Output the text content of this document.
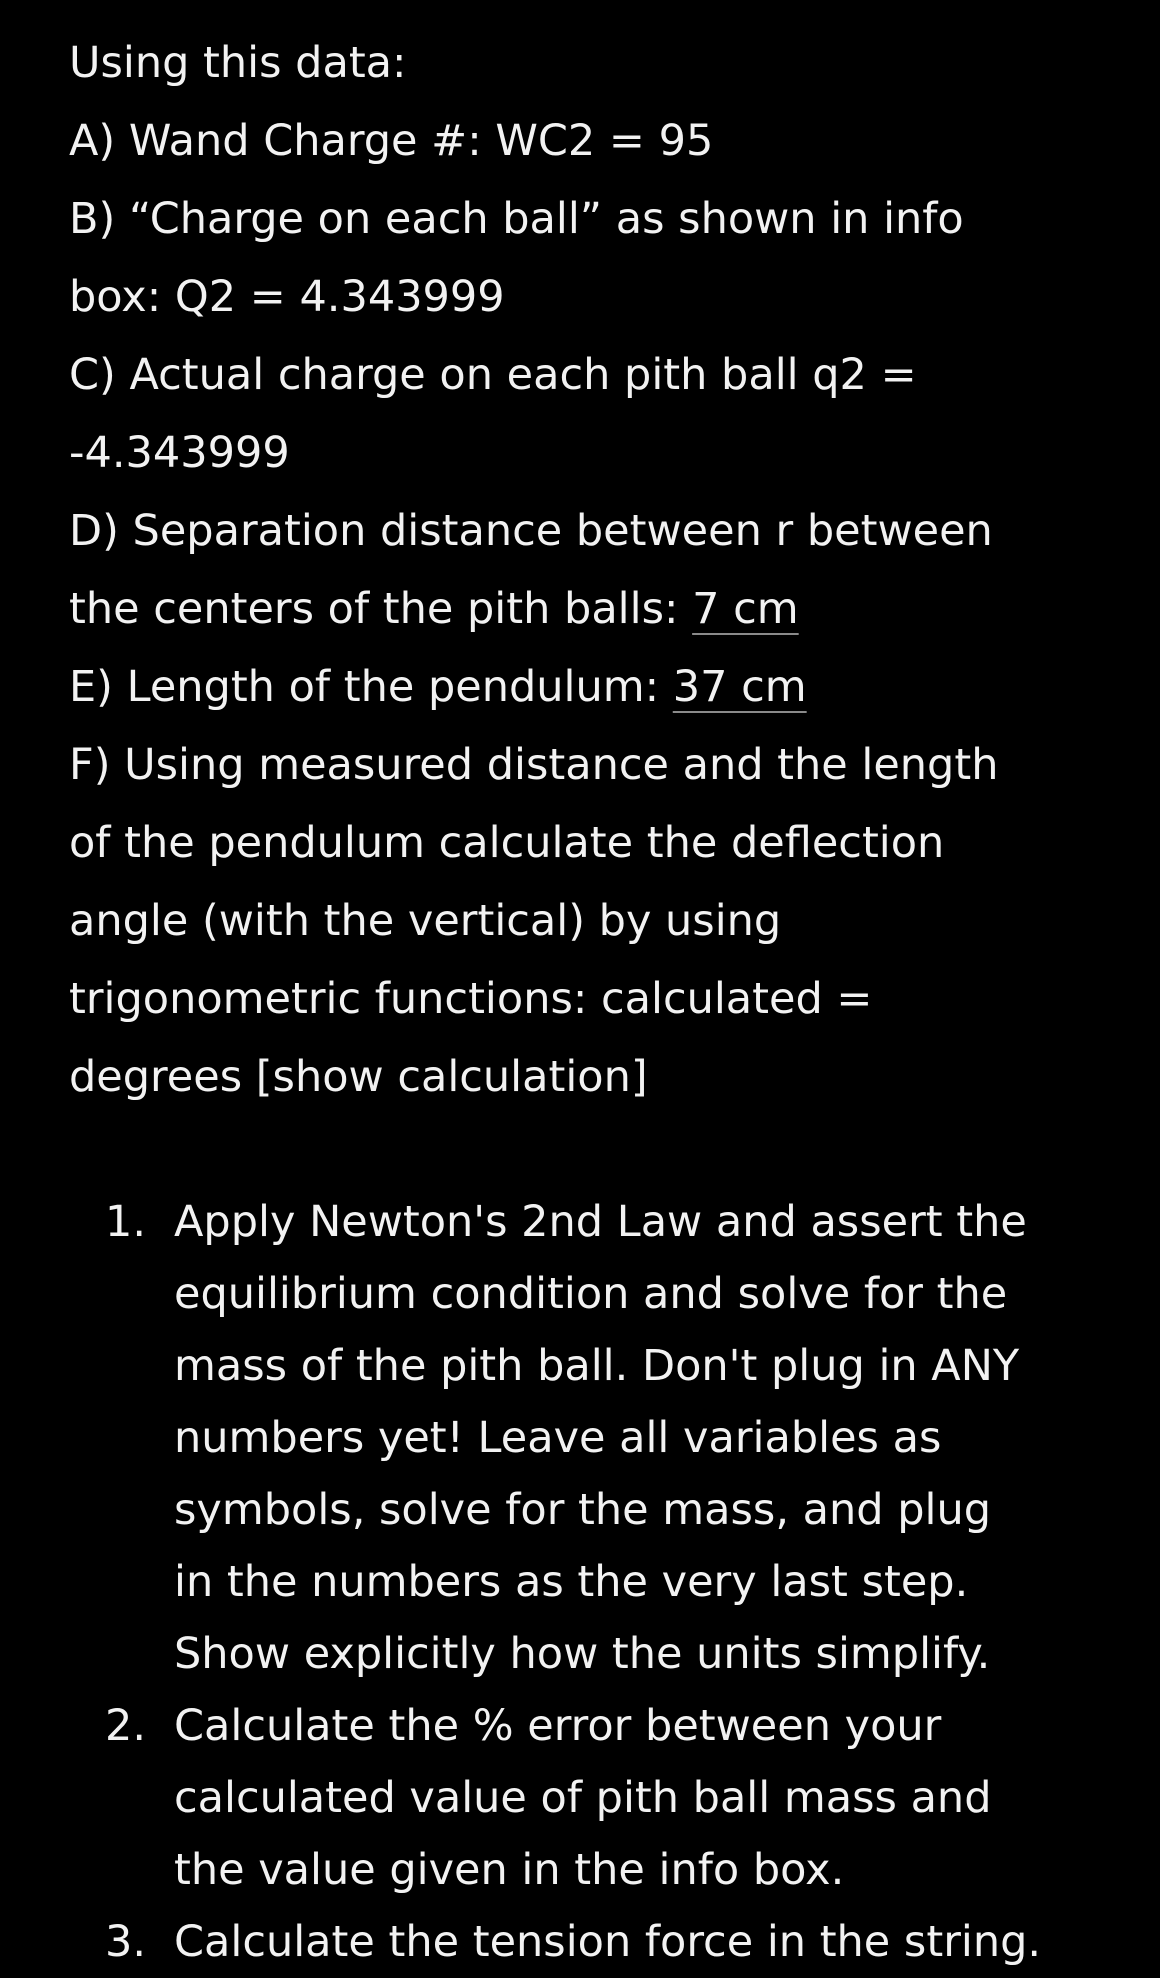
Using this data:
A) Wand Charge #: WC2 = 95
B) “Charge on each ball” as shown in info
box: Q2 = 4.343999
C) Actual charge on each pith ball q2 =
-4.343999
D) Separation distance between r between
the centers of the pith balls: 7 cm
E) Length of the pendulum: 37 cm
F) Using measured distance and the length
of the pendulum calculate the deflection
angle (with the vertical) by using
trigonometric functions: calculated =
degrees [show calculation]

1. Apply Newton's 2nd Law and assert the
equilibrium condition and solve for the
mass of the pith ball. Don't plug in ANY
numbers yet! Leave all variables as
symbols, solve for the mass, and plug
in the numbers as the very last step.
Show explicitly how the units simplify.
2. Calculate the % error between your
calculated value of pith ball mass and
the value given in the info box.
3. Calculate the tension force in the string.
